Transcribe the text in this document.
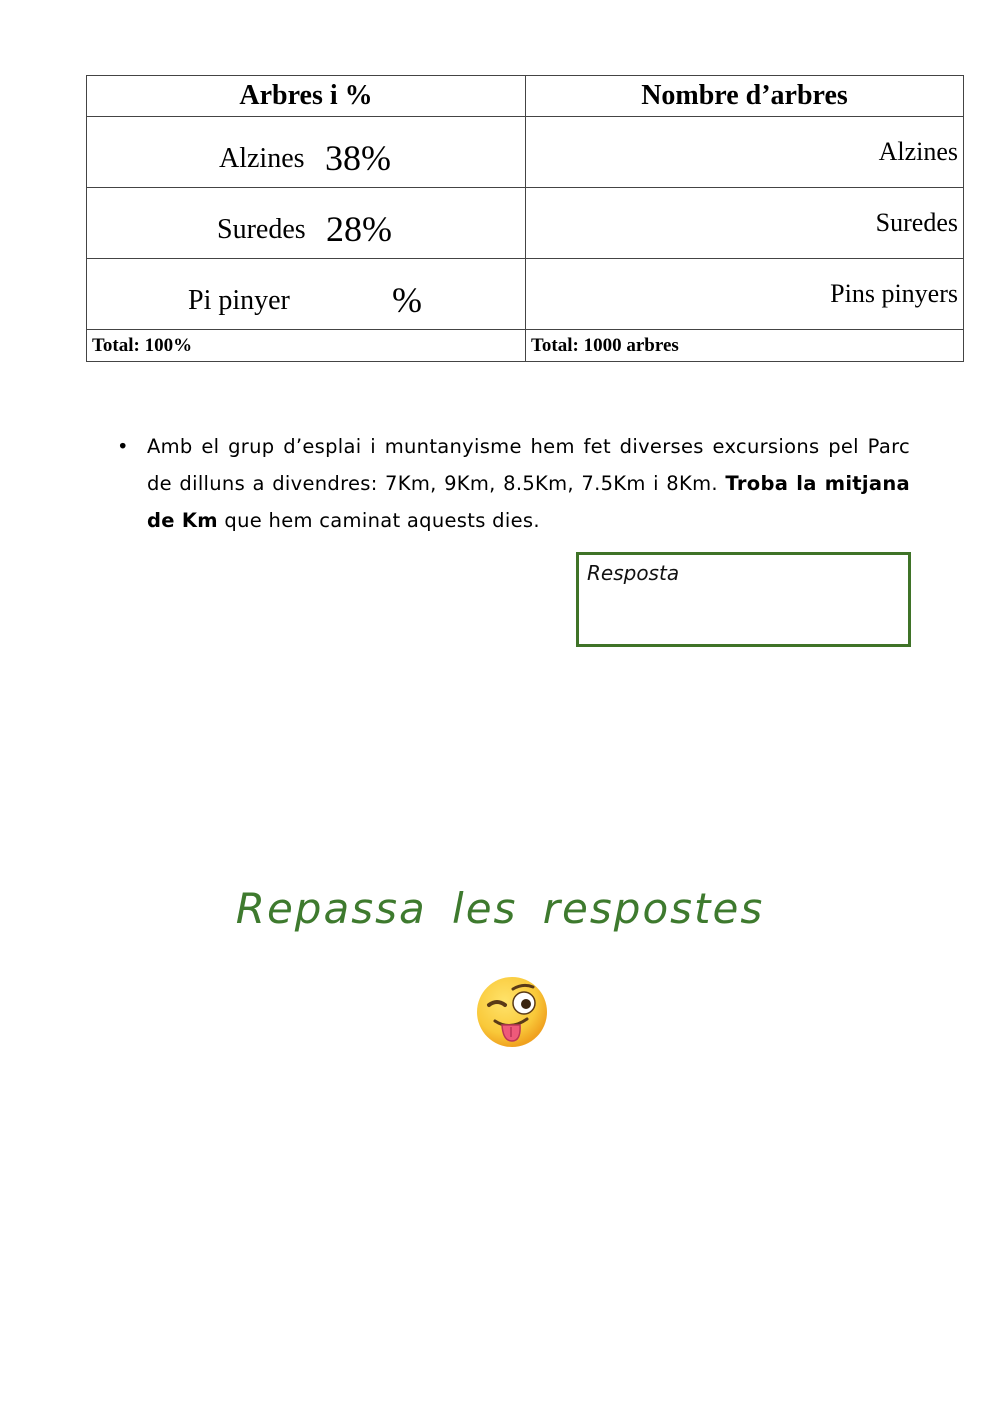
Arbres i %	Nombre d’arbres

Alzines 38%	Alzines

Suredes 28%	Suredes

Pi pinyer %	Pins pinyers
Total: 100%	Total: 1000 arbres
• Amb el grup d’esplai i muntanyisme hem fet diverses excursions pel Parc de dilluns a divendres: 7Km, 9Km, 8.5Km, 7.5Km i 8Km. Troba la mitjana de Km que hem caminat aquests dies.
Resposta
Repassa les respostes
